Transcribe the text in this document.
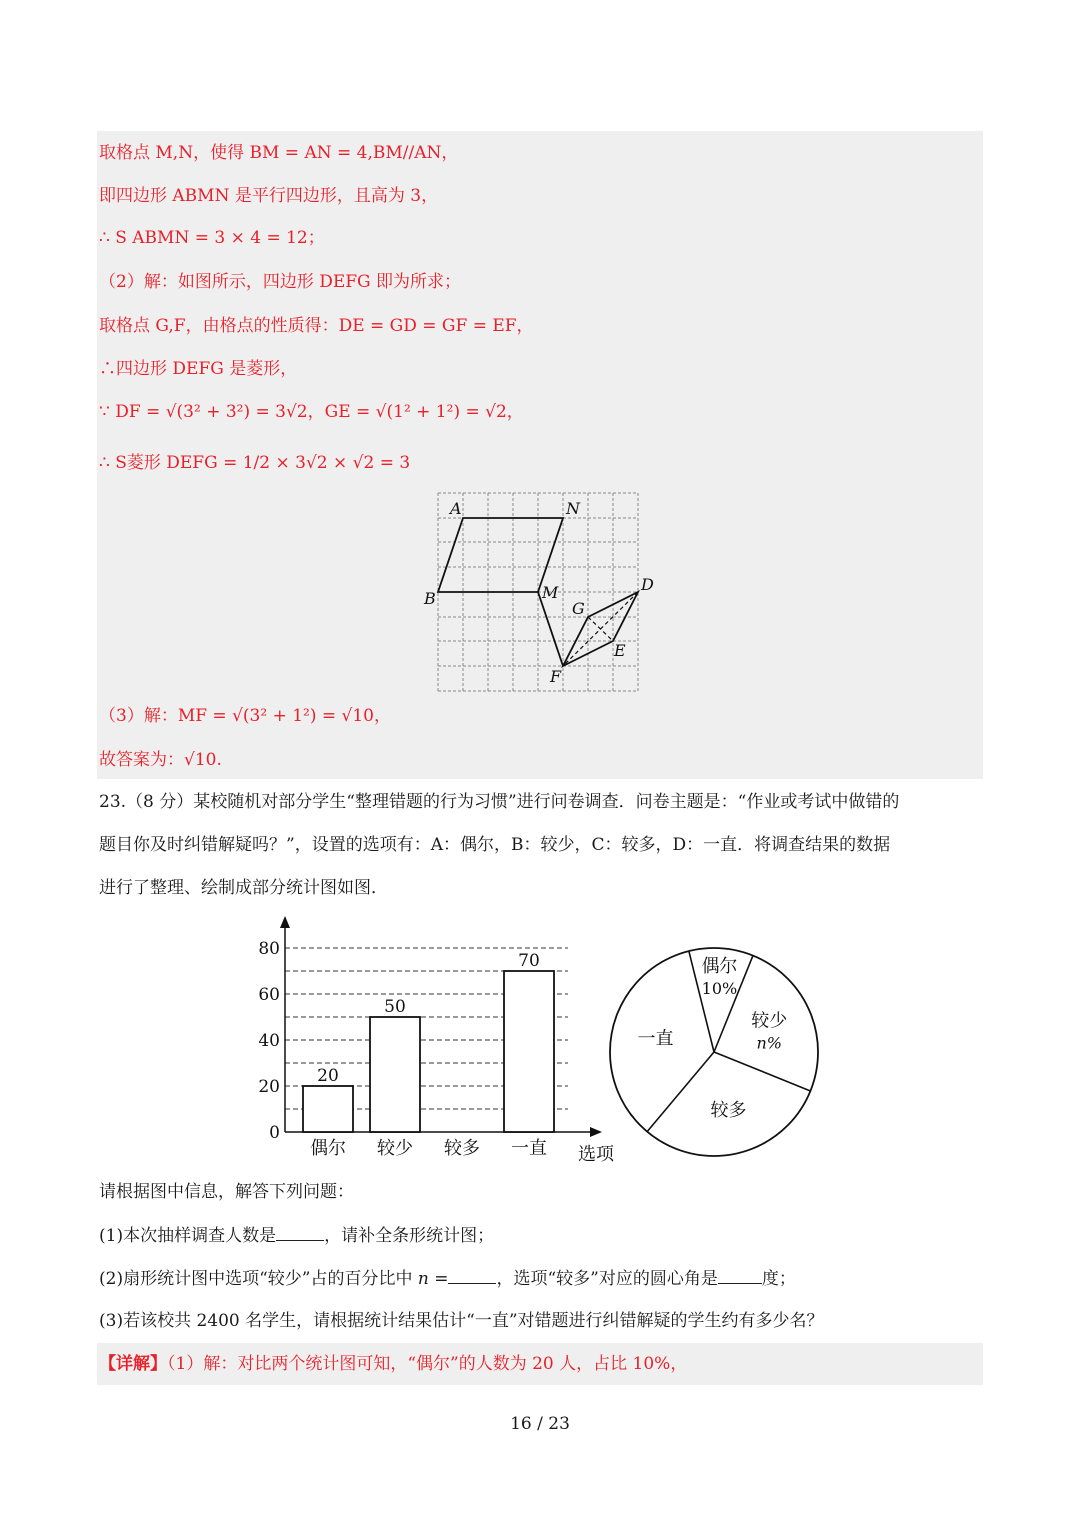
取格点 M,N，使得 BM = AN = 4,BM//AN，
即四边形 ABMN 是平行四边形，且高为 3，
∴ S ABMN = 3 × 4 = 12；
（2）解：如图所示，四边形 DEFG 即为所求；
取格点 G,F，由格点的性质得：DE = GD = GF = EF，
∴四边形 DEFG 是菱形，
∵ DF = √(3² + 3²) = 3√2，GE = √(1² + 1²) = √2，
∴ S菱形 DEFG = 1/2 × 3√2 × √2 = 3
A	N
B	M	D
G
E
F
（3）解：MF = √(3² + 1²) = √10，
故答案为：√10.
23.（8 分）某校随机对部分学生“整理错题的行为习惯”进行问卷调查．问卷主题是：“作业或考试中做错的
题目你及时纠错解疑吗？”，设置的选项有：A：偶尔，B：较少，C：较多，D：一直．将调查结果的数据
进行了整理、绘制成部分统计图如图．
0
20
40
60
80
20
偶尔
50
较少 较多
70
一直 选项
偶尔
10%
较少
n%
较多
一直
请根据图中信息，解答下列问题：
(1)本次抽样调查人数是	，请补全条形统计图；
(2)扇形统计图中选项“较少”占的百分比中 n =	，选项“较多”对应的圆心角是	度；
(3)若该校共 2400 名学生，请根据统计结果估计“一直”对错题进行纠错解疑的学生约有多少名？
【详解】（1）解：对比两个统计图可知，“偶尔”的人数为 20 人，占比 10%，
16 / 23
